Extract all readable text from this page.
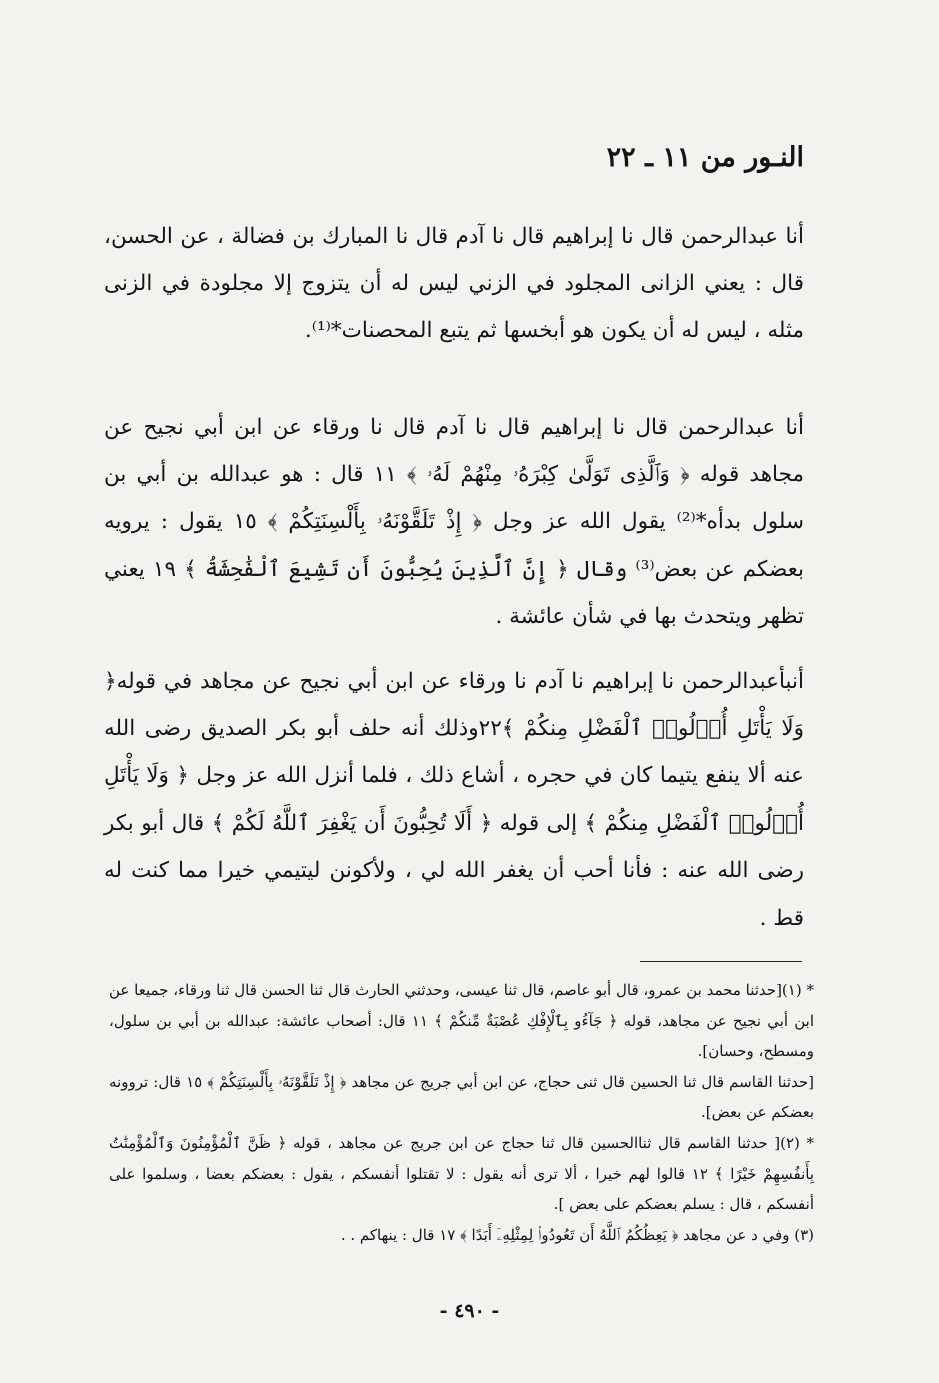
النـور من ١١ ـ ٢٢

أنا عبدالرحمن قال نا إبراهيم قال نا آدم قال نا المبارك بن فضالة ، عن الحسن، قال : يعني الزانى المجلود في الزني ليس له أن يتزوج إلا مجلودة في الزنى مثله ، ليس له أن يكون هو أبخسها ثم يتبع المحصنات*⁽¹⁾.

أنا عبدالرحمن قال نا إبراهيم قال نا آدم قال نا ورقاء عن ابن أبي نجيح عن مجاهد قوله ﴿ وَٱلَّذِى تَوَلَّىٰ كِبْرَهُۥ مِنْهُمْ لَهُۥ ﴾ ١١ قال : هو عبدالله بن أبي بن سلول بدأه*⁽²⁾ يقول الله عز وجل ﴿ إِذْ تَلَقَّوْنَهُۥ بِأَلْسِنَتِكُمْ ﴾ ١٥ يقول : يرويه بعضكم عن بعض⁽³⁾ وقال ﴿ إِنَّ ٱلَّذِينَ يُحِبُّونَ أَن تَشِيعَ ٱلْفَٰحِشَةُ ﴾ ١٩ يعني تظهر ويتحدث بها في شأن عائشة .

أنبأعبدالرحمن نا إبراهيم نا آدم نا ورقاء عن ابن أبي نجيح عن مجاهد في قوله﴿ وَلَا يَأْتَلِ أُو۟لُوا۟ ٱلْفَضْلِ مِنكُمْ ﴾٢٢وذلك أنه حلف أبو بكر الصديق رضى الله عنه ألا ينفع يتيما كان في حجره ، أشاع ذلك ، فلما أنزل الله عز وجل ﴿ وَلَا يَأْتَلِ أُو۟لُوا۟ ٱلْفَضْلِ مِنكُمْ ﴾ إلى قوله ﴿ أَلَا تُحِبُّونَ أَن يَغْفِرَ ٱللَّهُ لَكُمْ ﴾ قال أبو بكر رضى الله عنه : فأنا أحب أن يغفر الله لي ، ولأكونن ليتيمي خيرا مما كنت له قط .

* (١)[حدثنا محمد بن عمرو، قال أبو عاصم، قال ثنا عيسى، وحدثني الحارث قال ثنا الحسن قال ثنا ورقاء، جميعا عن ابن أبي نجيح عن مجاهد، قوله ﴿ جَآءُو بِٱلْإِفْكِ عُصْبَةٌ مِّنكُمْ ﴾ ١١ قال: أصحاب عائشة: عبدالله بن أبي بن سلول، ومسطح، وحسان].

[حدثنا القاسم قال ثنا الحسين قال ثنى حجاج، عن ابن أبي جريج عن مجاهد ﴿ إِذْ تَلَقَّوْنَهُۥ بِأَلْسِنَتِكُمْ ﴾ ١٥ قال: تروونه بعضكم عن بعض].

* (٢)[ حدثنا القاسم قال ثناالحسين قال ثنا حجاج عن ابن جريج عن مجاهد ، قوله ﴿ ظَنَّ ٱلْمُؤْمِنُونَ وَٱلْمُؤْمِنَٰتُ بِأَنفُسِهِمْ خَيْرًا ﴾ ١٢ قالوا لهم خيرا ، ألا ترى أنه يقول : لا تقتلوا أنفسكم ، يقول : بعضكم بعضا ، وسلموا على أنفسكم ، قال : يسلم بعضكم على بعض ].

(٣) وفي د عن مجاهد ﴿ يَعِظُكُمُ ٱللَّهُ أَن تَعُودُوا۟ لِمِثْلِهِۦٓ أَبَدًا ﴾ ١٧ قال : ينهاكم . .

- ٤٩٠ -
